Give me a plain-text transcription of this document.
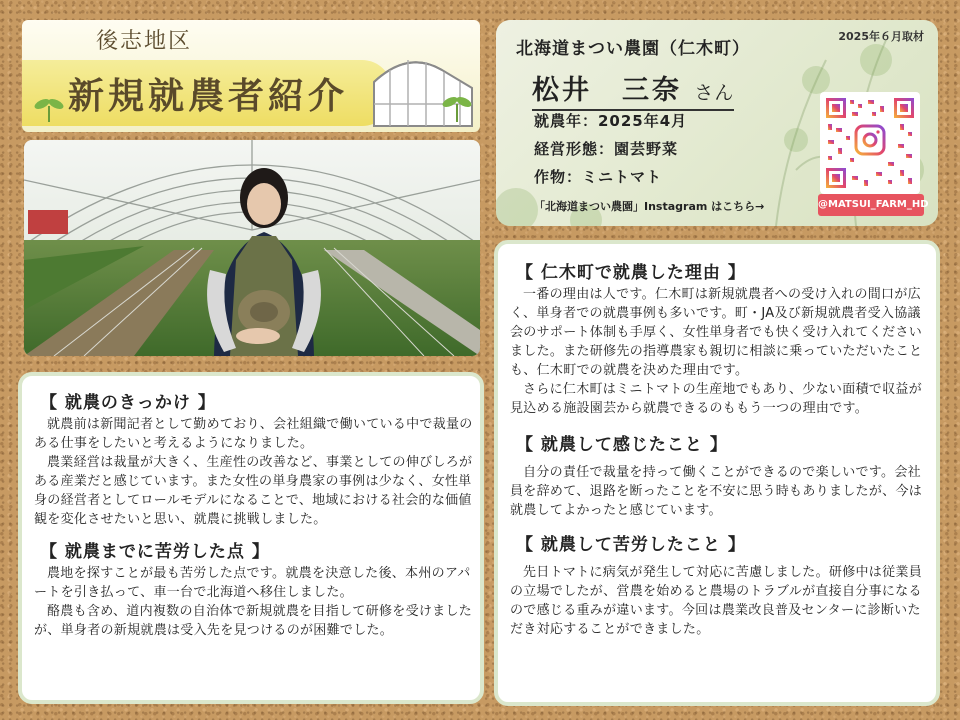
後志地区
新規就農者紹介
2025年６月取材
北海道まつい農園（仁木町）
松井　三奈 さん
就農年：2025年4月
経営形態：園芸野菜
作物：ミニトマト
「北海道まつい農園」Instagram はこちら→	@MATSUI_FARM_HD
【 就農のきっかけ 】

就農前は新聞記者として勤めており、会社組織で働いている中で裁量のある仕事をしたいと考えるようになりました。

農業経営は裁量が大きく、生産性の改善など、事業としての伸びしろがある産業だと感じています。また女性の単身農家の事例は少なく、女性単身の経営者としてロールモデルになることで、地域における社会的な価値観を変化させたいと思い、就農に挑戦しました。

【 就農までに苦労した点 】

農地を探すことが最も苦労した点です。就農を決意した後、本州のアパートを引き払って、車一台で北海道へ移住しました。

酪農も含め、道内複数の自治体で新規就農を目指して研修を受けましたが、単身者の新規就農は受入先を見つけるのが困難でした。

【 仁木町で就農した理由 】

一番の理由は人です。仁木町は新規就農者への受け入れの間口が広く、単身者での就農事例も多いです。町・JA及び新規就農者受入協議会のサポート体制も手厚く、女性単身者でも快く受け入れてくださいました。また研修先の指導農家も親切に相談に乗っていただいたことも、仁木町での就農を決めた理由です。

さらに仁木町はミニトマトの生産地でもあり、少ない面積で収益が見込める施設園芸から就農できるのももう一つの理由です。

【 就農して感じたこと 】

自分の責任で裁量を持って働くことができるので楽しいです。会社員を辞めて、退路を断ったことを不安に思う時もありましたが、今は就農してよかったと感じています。

【 就農して苦労したこと 】

先日トマトに病気が発生して対応に苦慮しました。研修中は従業員の立場でしたが、営農を始めると農場のトラブルが直接自分事になるので感じる重みが違います。今回は農業改良普及センターに診断いただき対応することができました。
